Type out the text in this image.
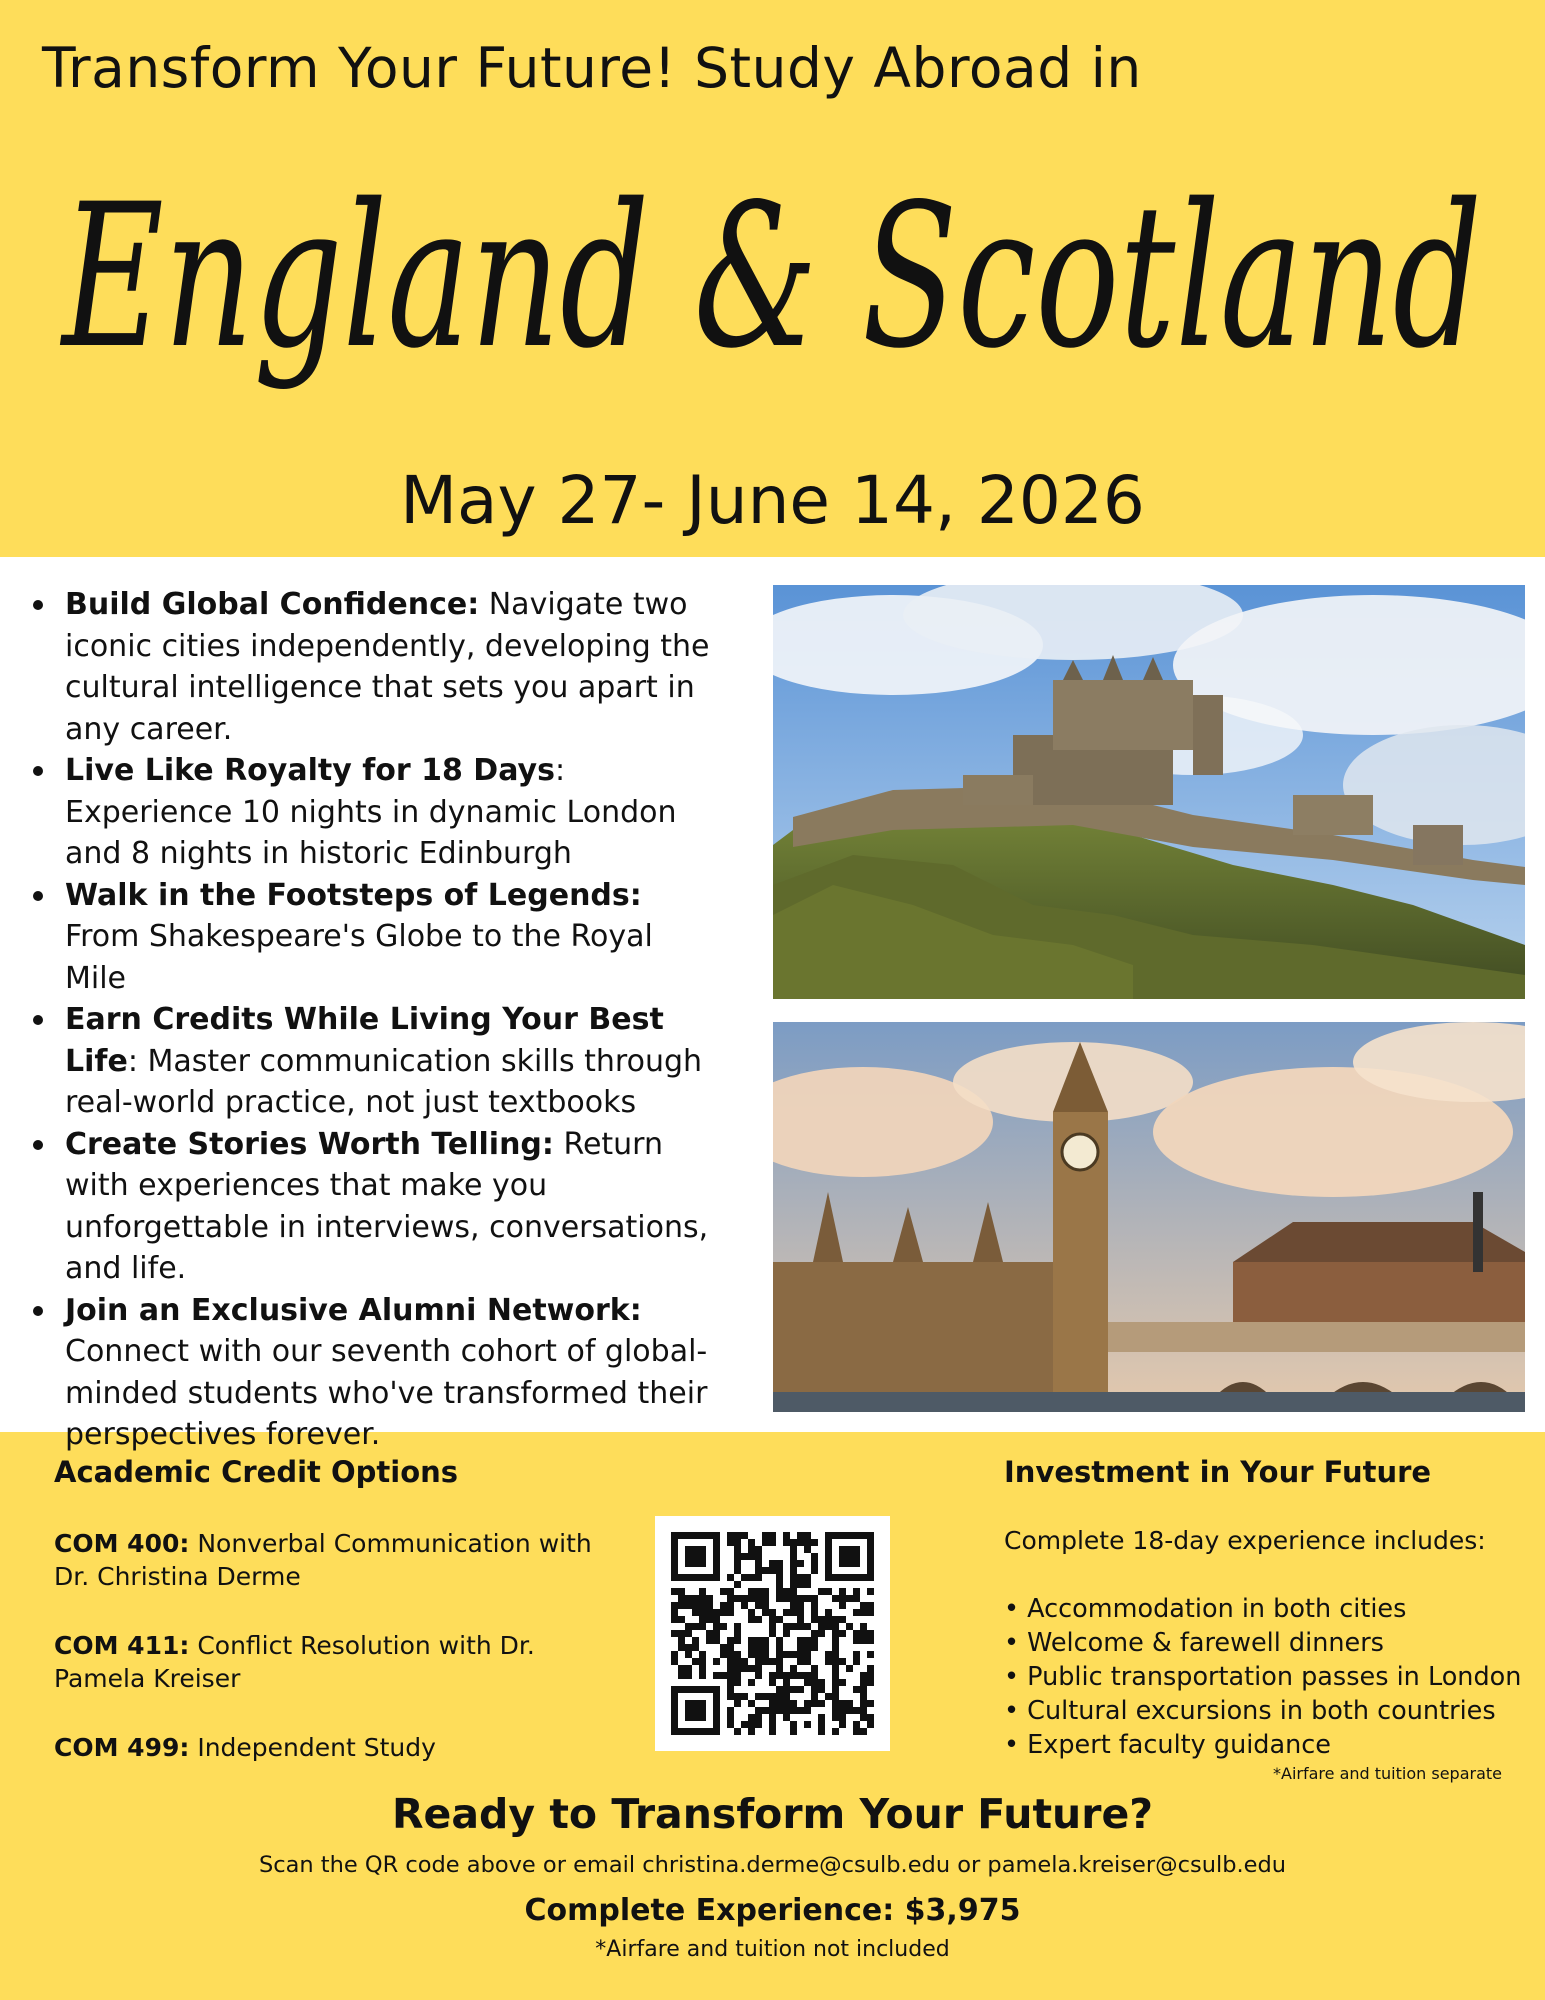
Transform Your Future! Study Abroad in
England & Scotland
May 27- June 14, 2026
Build Global Confidence: Navigate two iconic cities independently, developing the cultural intelligence that sets you apart in any career.
Live Like Royalty for 18 Days: Experience 10 nights in dynamic London and 8 nights in historic Edinburgh
Walk in the Footsteps of Legends: From Shakespeare's Globe to the Royal Mile
Earn Credits While Living Your Best Life: Master communication skills through real-world practice, not just textbooks
Create Stories Worth Telling: Return with experiences that make you unforgettable in interviews, conversations, and life.
Join an Exclusive Alumni Network: Connect with our seventh cohort of global-minded students who've transformed their perspectives forever.
Academic Credit Options
COM 400: Nonverbal Communication with Dr. Christina Derme
COM 411: Conflict Resolution with Dr. Pamela Kreiser
COM 499: Independent Study
Investment in Your Future
Complete 18-day experience includes:
• Accommodation in both cities
• Welcome & farewell dinners
• Public transportation passes in London
• Cultural excursions in both countries
• Expert faculty guidance
*Airfare and tuition separate
Ready to Transform Your Future?
Scan the QR code above or email christina.derme@csulb.edu or pamela.kreiser@csulb.edu
Complete Experience: $3,975
*Airfare and tuition not included
